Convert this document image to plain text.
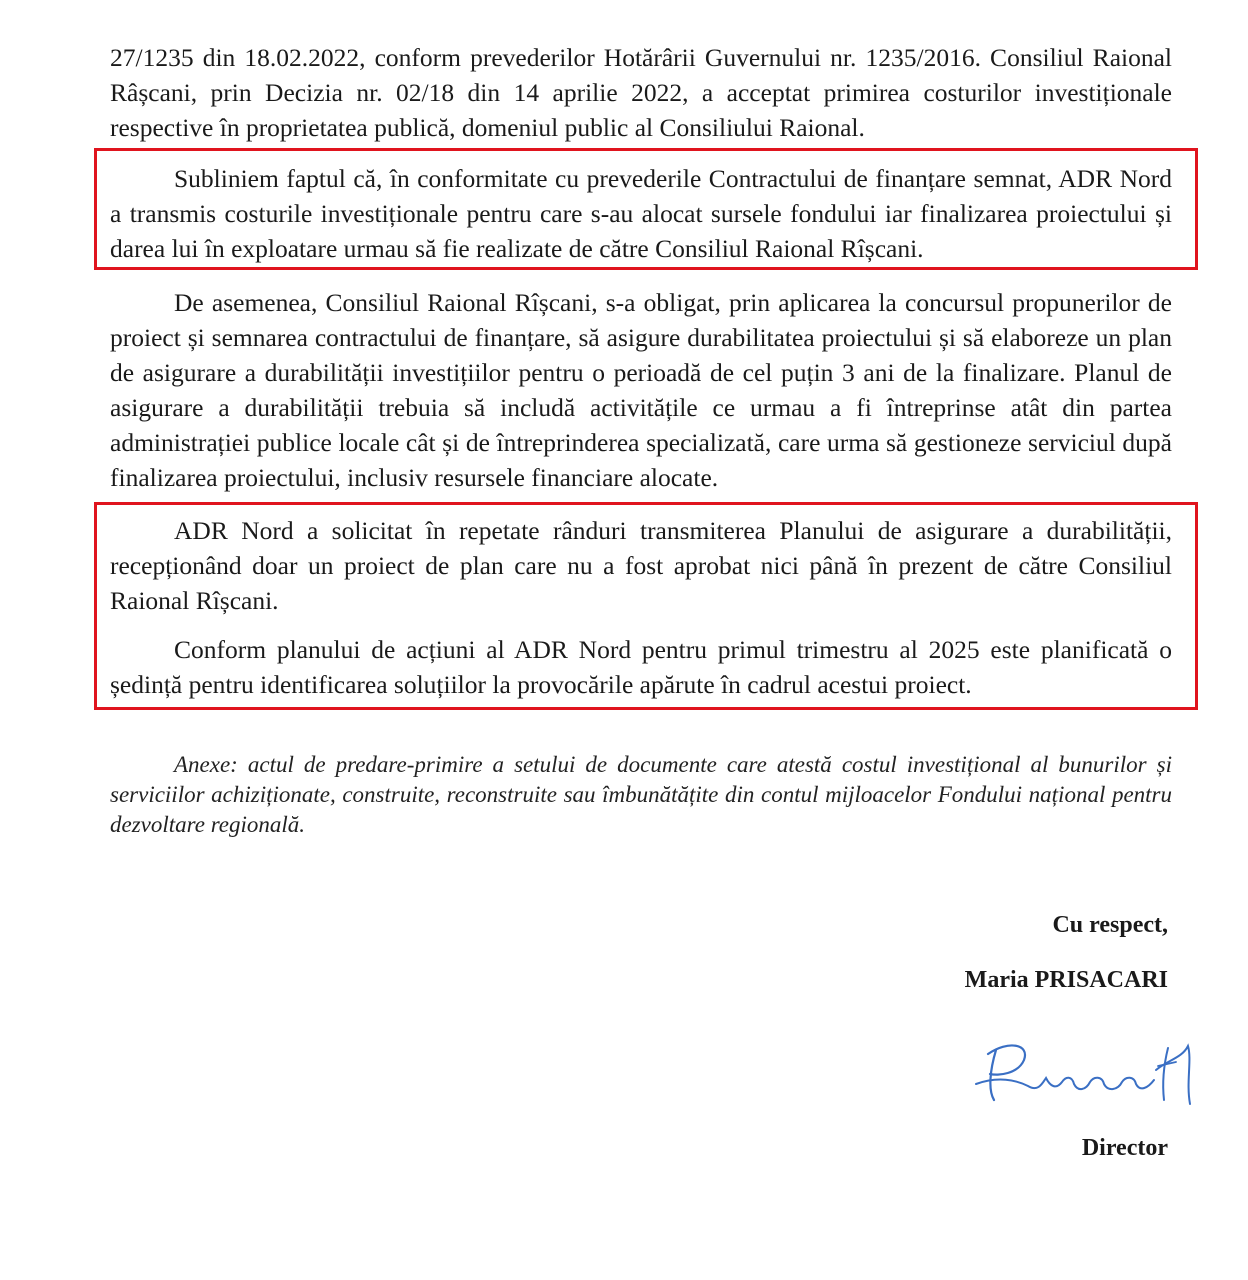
27/1235 din 18.02.2022, conform prevederilor Hotărârii Guvernului nr. 1235/2016. Consiliul Raional Râșcani, prin Decizia nr. 02/18 din 14 aprilie 2022, a acceptat primirea costurilor investiționale respective în proprietatea publică, domeniul public al Consiliului Raional.

Subliniem faptul că, în conformitate cu prevederile Contractului de finanțare semnat, ADR Nord a transmis costurile investiționale pentru care s-au alocat sursele fondului iar finalizarea proiectului și darea lui în exploatare urmau să fie realizate de către Consiliul Raional Rîșcani.

De asemenea, Consiliul Raional Rîșcani, s-a obligat, prin aplicarea la concursul propunerilor de proiect și semnarea contractului de finanțare, să asigure durabilitatea proiectului și să elaboreze un plan de asigurare a durabilității investițiilor pentru o perioadă de cel puțin 3 ani de la finalizare. Planul de asigurare a durabilității trebuia să includă activitățile ce urmau a fi întreprinse atât din partea administrației publice locale cât și de întreprinderea specializată, care urma să gestioneze serviciul după finalizarea proiectului, inclusiv resursele financiare alocate.

ADR Nord a solicitat în repetate rânduri transmiterea Planului de asigurare a durabilității, recepționând doar un proiect de plan care nu a fost aprobat nici până în prezent de către Consiliul Raional Rîșcani.

Conform planului de acțiuni al ADR Nord pentru primul trimestru al 2025 este planificată o ședință pentru identificarea soluțiilor la provocările apărute în cadrul acestui proiect.

Anexe: actul de predare-primire a setului de documente care atestă costul investițional al bunurilor și serviciilor achiziționate, construite, reconstruite sau îmbunătățite din contul mijloacelor Fondului național pentru dezvoltare regională.

Cu respect,
Maria PRISACARI
Director
